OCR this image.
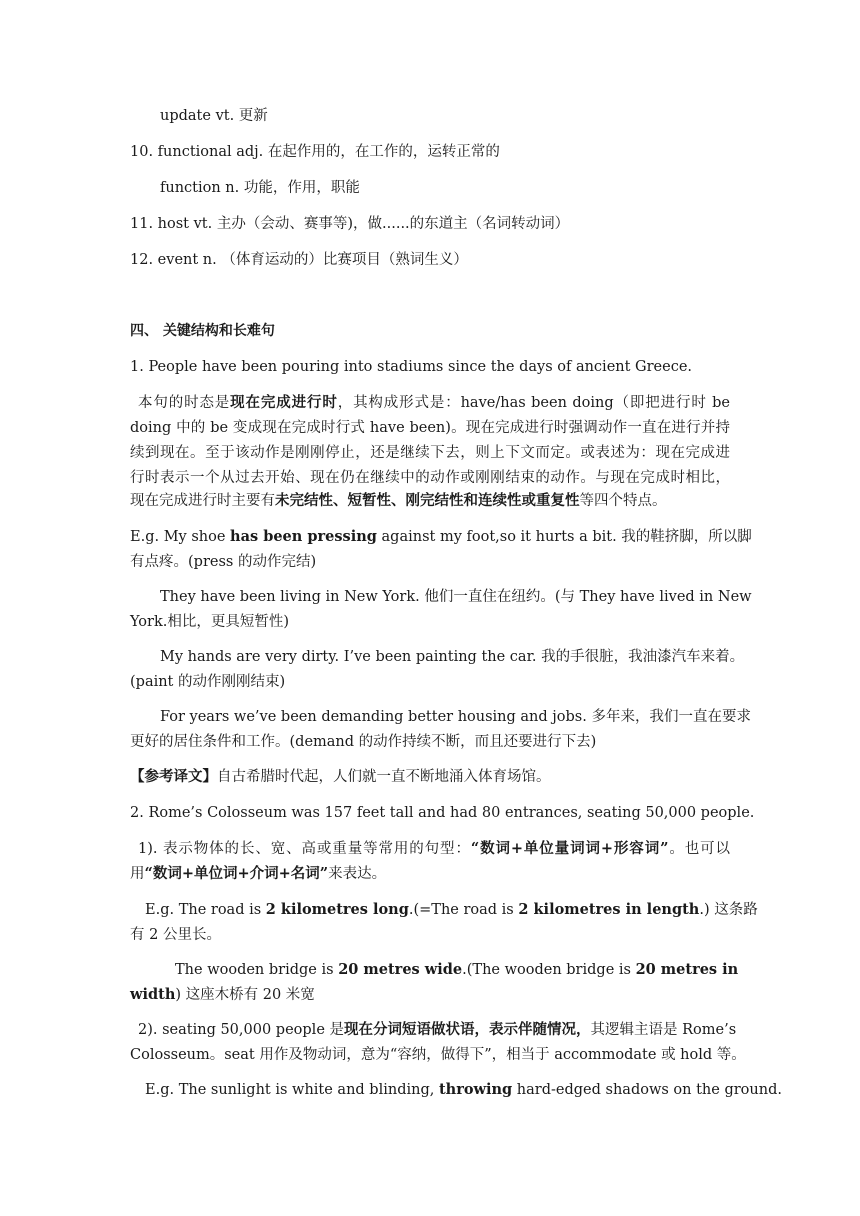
update vt. 更新
10. functional adj. 在起作用的，在工作的，运转正常的
function n. 功能，作用，职能
11. host vt. 主办（会动、赛事等)，做......的东道主（名词转动词）
12. event n. （体育运动的）比赛项目（熟词生义）
四、 关键结构和长难句
1. People have been pouring into stadiums since the days of ancient Greece.
本句的时态是现在完成进行时，其构成形式是：have/has been doing（即把进行时 be
doing 中的 be 变成现在完成时行式 have been)。现在完成进行时强调动作一直在进行并持
续到现在。至于该动作是刚刚停止，还是继续下去，则上下文而定。或表述为：现在完成进
行时表示一个从过去开始、现在仍在继续中的动作或刚刚结束的动作。与现在完成时相比，
现在完成进行时主要有未完结性、短暂性、刚完结性和连续性或重复性等四个特点。
E.g. My shoe has been pressing against my foot,so it hurts a bit. 我的鞋挤脚，所以脚
有点疼。(press 的动作完结)
They have been living in New York. 他们一直住在纽约。(与 They have lived in New
York.相比，更具短暂性)
My hands are very dirty. I’ve been painting the car. 我的手很脏，我油漆汽车来着。
(paint 的动作刚刚结束)
For years we’ve been demanding better housing and jobs. 多年来，我们一直在要求
更好的居住条件和工作。(demand 的动作持续不断，而且还要进行下去)
【参考译文】自古希腊时代起，人们就一直不断地涌入体育场馆。
2. Rome’s Colosseum was 157 feet tall and had 80 entrances, seating 50,000 people.
1). 表示物体的长、宽、高或重量等常用的句型：“数词+单位量词词+形容词”。也可以
用“数词+单位词+介词+名词”来表达。
E.g. The road is 2 kilometres long.(=The road is 2 kilometres in length.) 这条路
有 2 公里长。
The wooden bridge is 20 metres wide.(The wooden bridge is 20 metres in
width) 这座木桥有 20 米宽
2). seating 50,000 people 是现在分词短语做状语，表示伴随情况，其逻辑主语是 Rome’s
Colosseum。seat 用作及物动词，意为“容纳，做得下”，相当于 accommodate 或 hold 等。
E.g. The sunlight is white and blinding, throwing hard-edged shadows on the ground.
